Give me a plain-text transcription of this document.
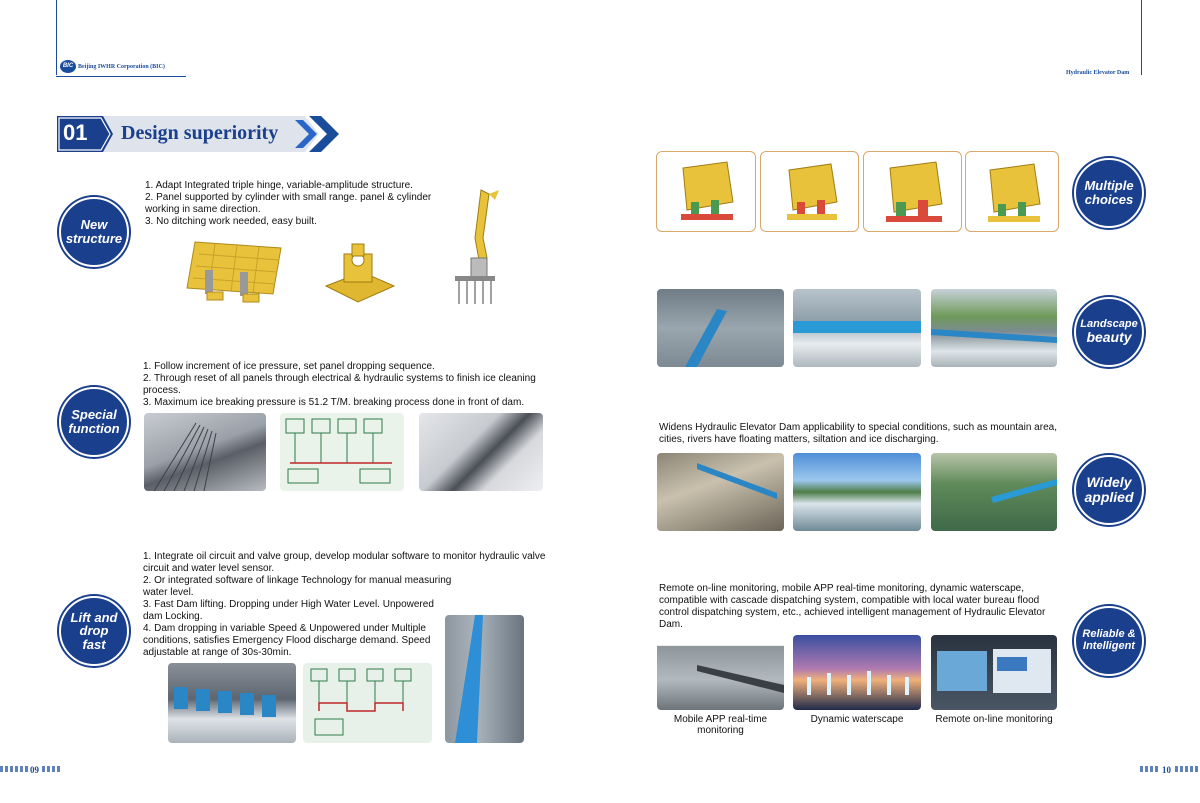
BIC Beijing IWHR Corporation (BIC)
Hydraulic Elevator Dam
01 Design superiority
New
structure

1. Adapt Integrated triple hinge, variable-amplitude structure.

2. Panel supported by cylinder with small range. panel & cylinder

working in same direction.

3. No ditching work needed, easy built.

Special
function

1. Follow increment of ice pressure, set panel dropping sequence.

2. Through reset of all panels through electrical & hydraulic systems to finish ice cleaning

process.

3. Maximum ice breaking pressure is 51.2 T/M. breaking process done in front of dam.

Lift and
drop
fast

1. Integrate oil circuit and valve group, develop modular software to monitor hydraulic valve

circuit and water level sensor.

2. Or integrated software of linkage Technology for manual measuring

water level.

3. Fast Dam lifting. Dropping under High Water Level. Unpowered

dam Locking.

4. Dam dropping in variable Speed & Unpowered under Multiple

conditions, satisfies Emergency Flood discharge demand. Speed

adjustable at range of 30s-30min.

Multiple
choices
Landscape
beauty

Widens Hydraulic Elevator Dam applicability to special conditions, such as mountain area,

cities, rivers have floating matters, siltation and ice discharging.

Widely
applied

Remote on-line monitoring, mobile APP real-time monitoring, dynamic waterscape,

compatible with cascade dispatching system, compatible with local water bureau flood

control dispatching system, etc., achieved intelligent management of Hydraulic Elevator

Dam.

Mobile APP real-time
monitoring
Dynamic waterscape	Remote on-line monitoring
Reliable &
Intelligent
09	10
